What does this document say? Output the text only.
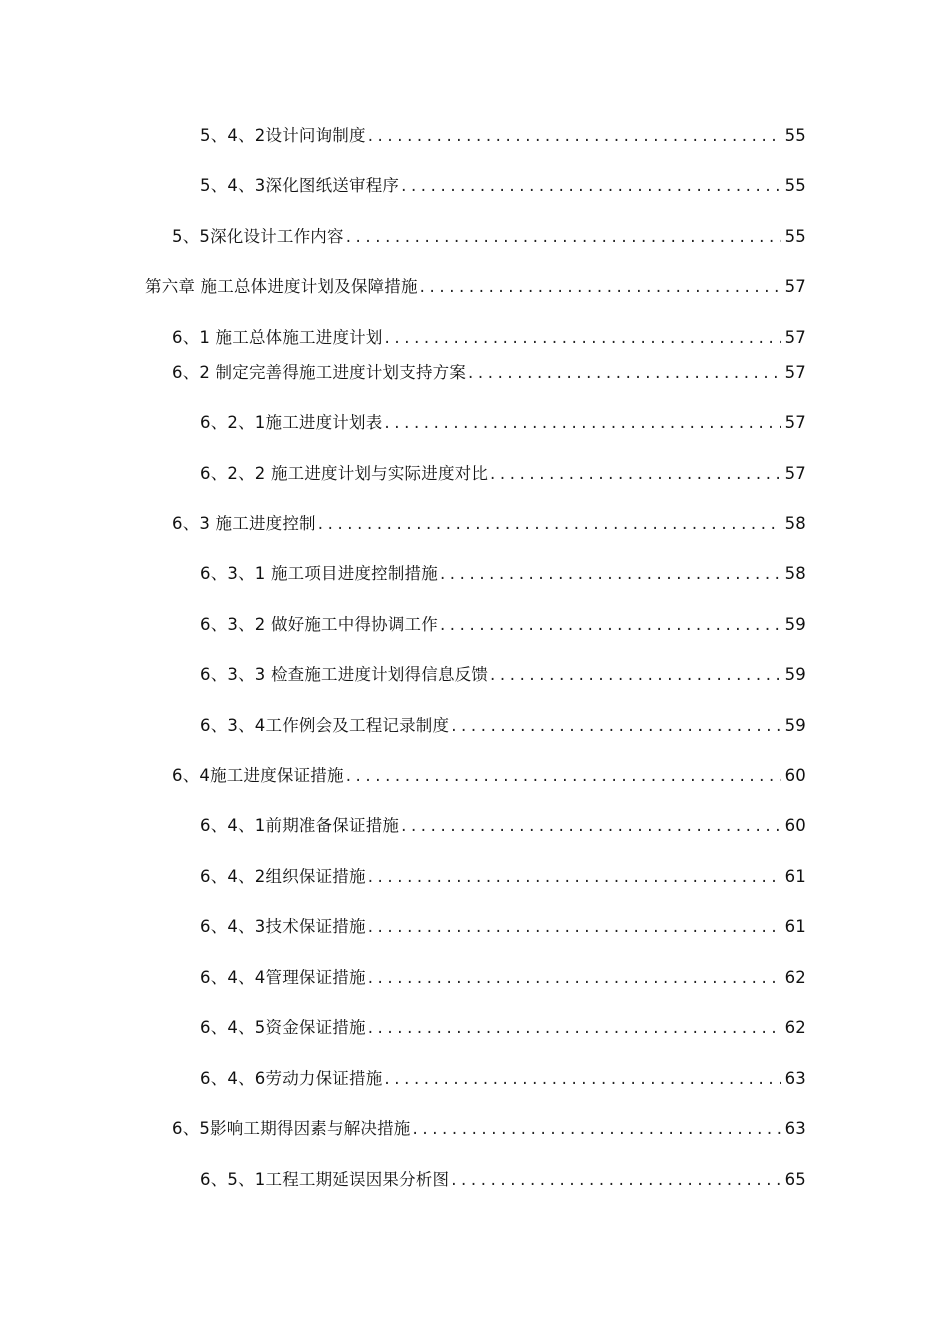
5、4、2设计问询制度 .....	55
5、4、3深化图纸送审程序 .....	55
5、5深化设计工作内容 .....	55
第六章 施工总体进度计划及保障措施 .....	57
6、1 施工总体施工进度计划 .....	57
6、2 制定完善得施工进度计划支持方案 .....	57
6、2、1施工进度计划表 .....	57
6、2、2 施工进度计划与实际进度对比 .....	57
6、3 施工进度控制 .....	58
6、3、1 施工项目进度控制措施 .....	58
6、3、2 做好施工中得协调工作 .....	59
6、3、3 检查施工进度计划得信息反馈 .....	59
6、3、4工作例会及工程记录制度 .....	59
6、4施工进度保证措施 .....	60
6、4、1前期准备保证措施 .....	60
6、4、2组织保证措施 .....	61
6、4、3技术保证措施 .....	61
6、4、4管理保证措施 .....	62
6、4、5资金保证措施 .....	62
6、4、6劳动力保证措施 .....	63
6、5影响工期得因素与解决措施 .....	63
6、5、1工程工期延误因果分析图 .....	65
